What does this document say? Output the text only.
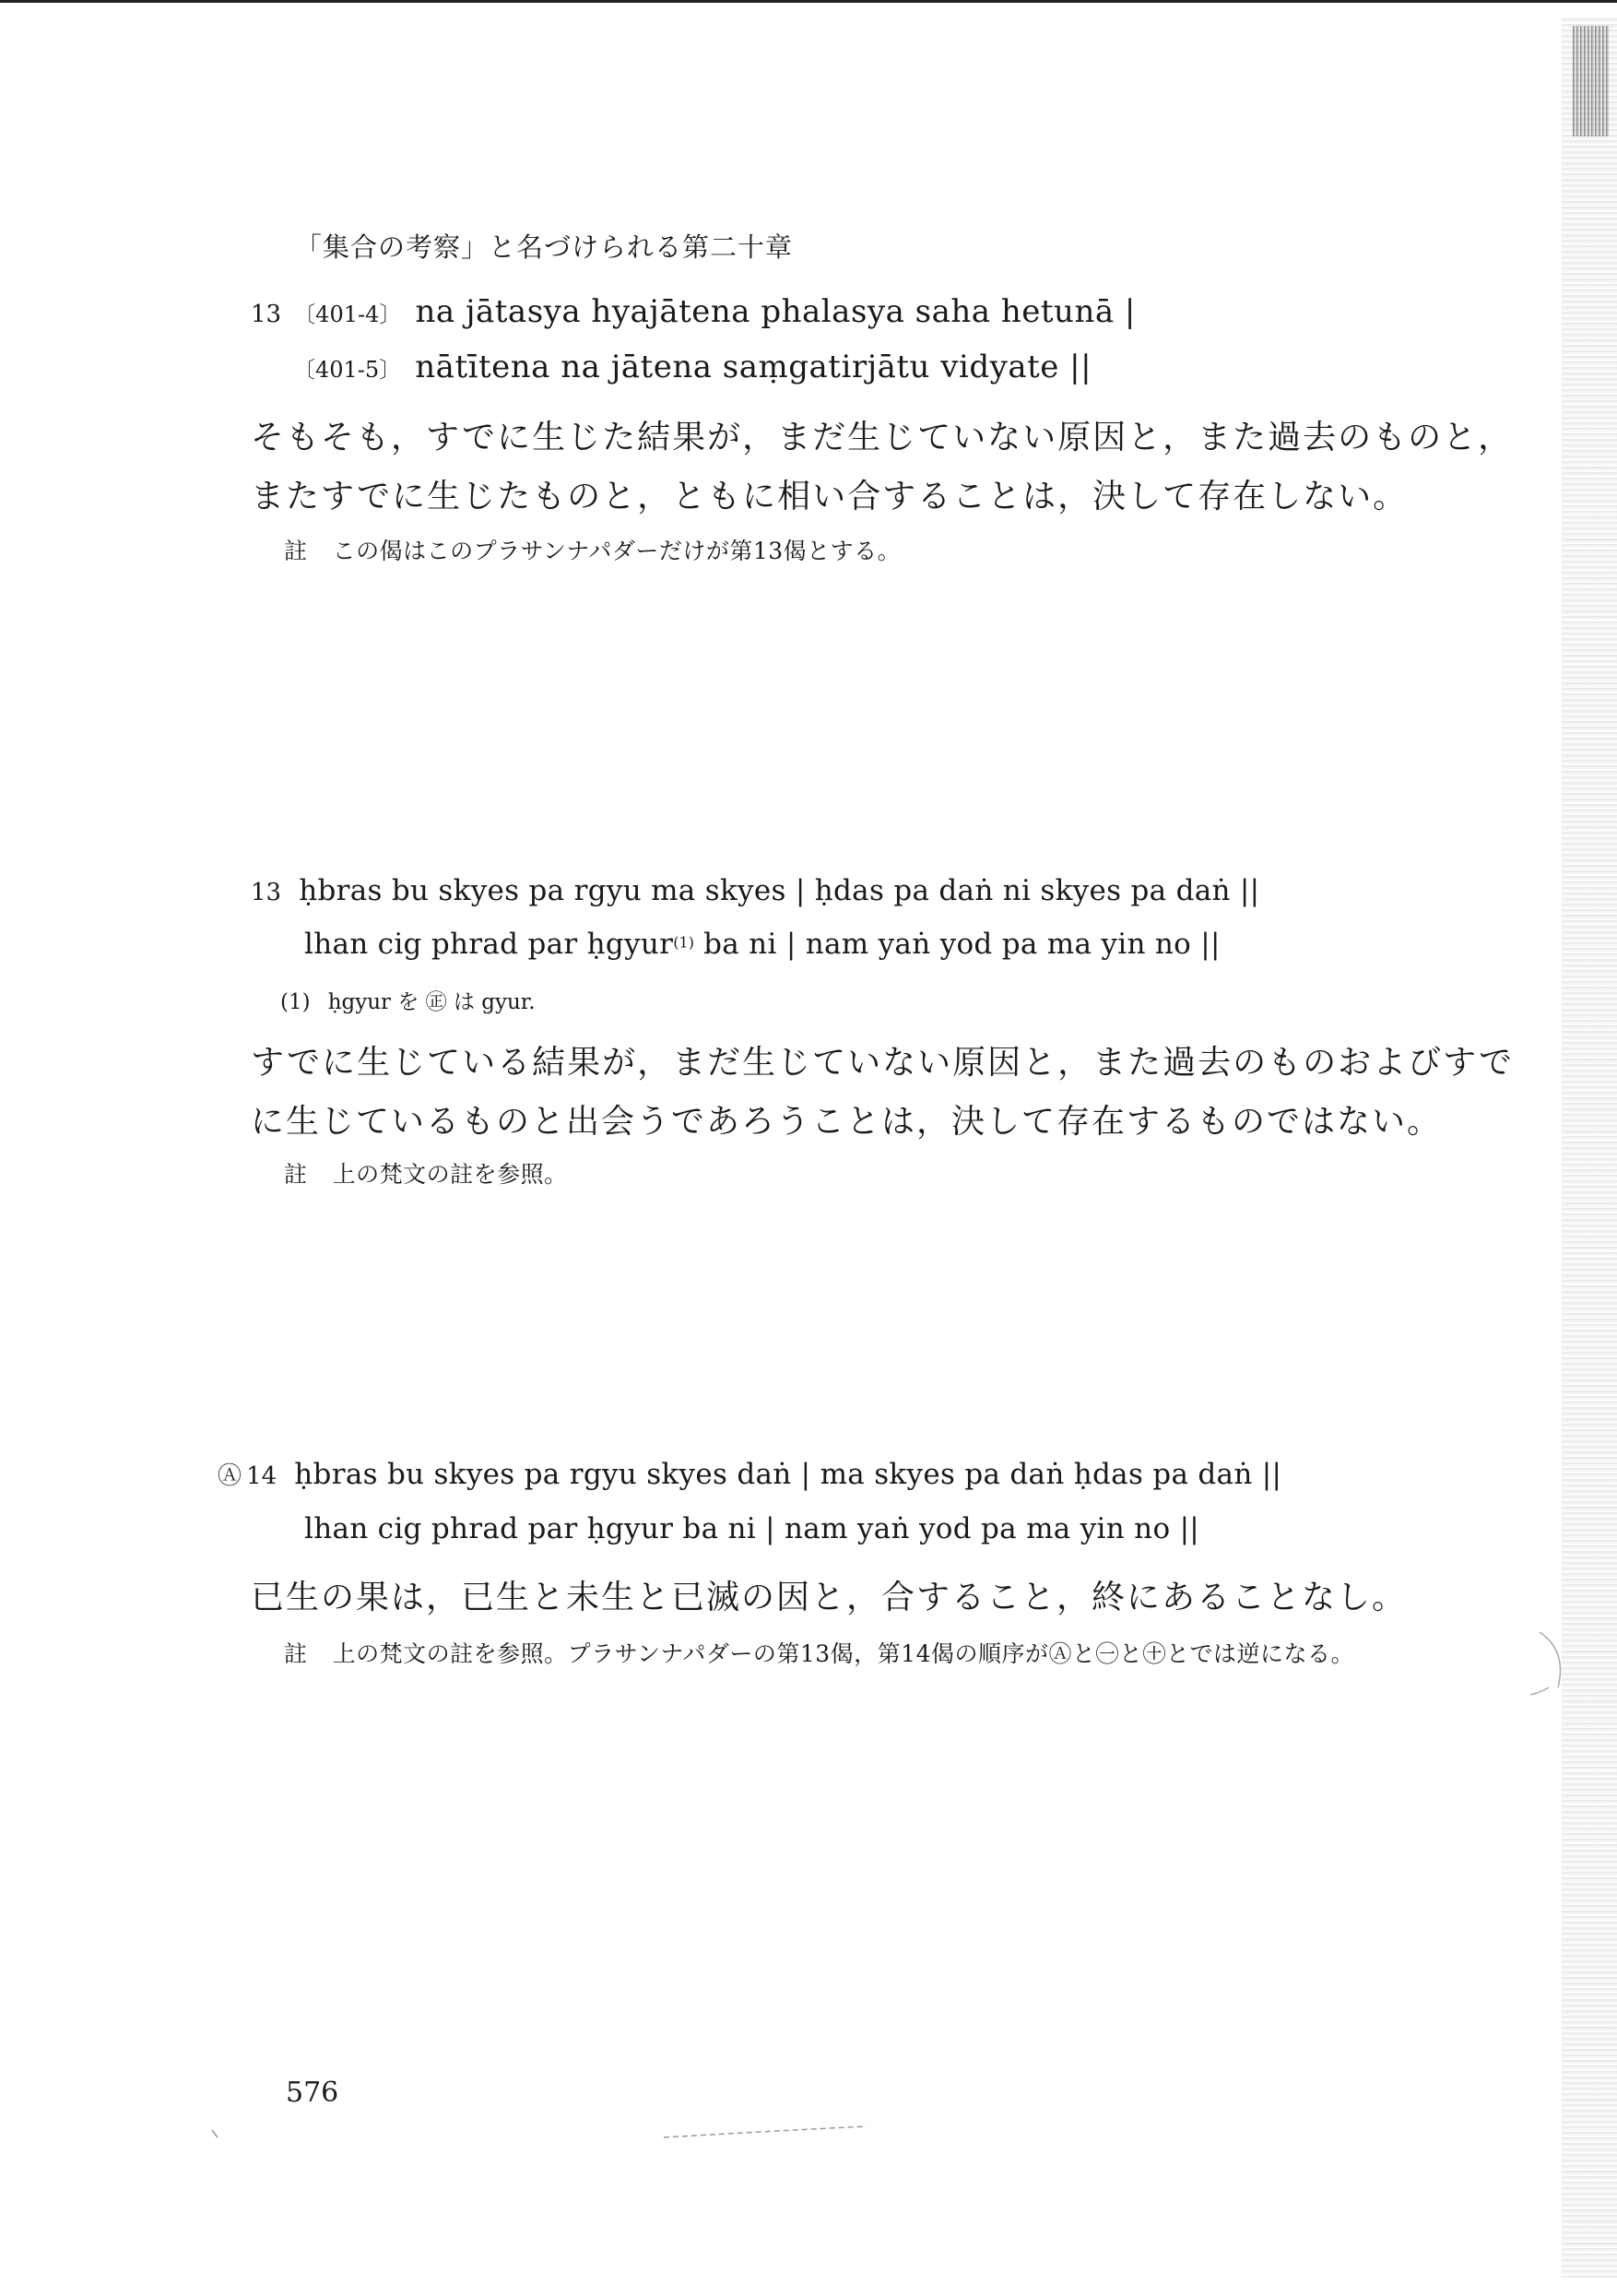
「集合の考察」と名づけられる第二十章
13 〔401-4〕 na jātasya hyajātena phalasya saha hetunā |
〔401-5〕 nātītena na jātena saṃgatirjātu vidyate ||
そもそも，すでに生じた結果が，まだ生じていない原因と，また過去のものと，
またすでに生じたものと，ともに相い合することは，決して存在しない。
註 この偈はこのプラサンナパダーだけが第13偈とする。
13 ḥbras bu skyes pa rgyu ma skyes | ḥdas pa daṅ ni skyes pa daṅ ||
lhan cig phrad par ḥgyur$^{(1)}$ ba ni | nam yaṅ yod pa ma yin no ||
(1) ḥgyur を ㊣ は gyur.
すでに生じている結果が，まだ生じていない原因と，また過去のものおよびすで
に生じているものと出会うであろうことは，決して存在するものではない。
註 上の梵文の註を参照。
Ⓐ 14 ḥbras bu skyes pa rgyu skyes daṅ | ma skyes pa daṅ ḥdas pa daṅ ||
lhan cig phrad par ḥgyur ba ni | nam yaṅ yod pa ma yin no ||
已生の果は，已生と未生と已滅の因と，合すること，終にあることなし。
註 上の梵文の註を参照。プラサンナパダーの第13偈，第14偈の順序がⒶと㊀と㊉とでは逆になる。
576
